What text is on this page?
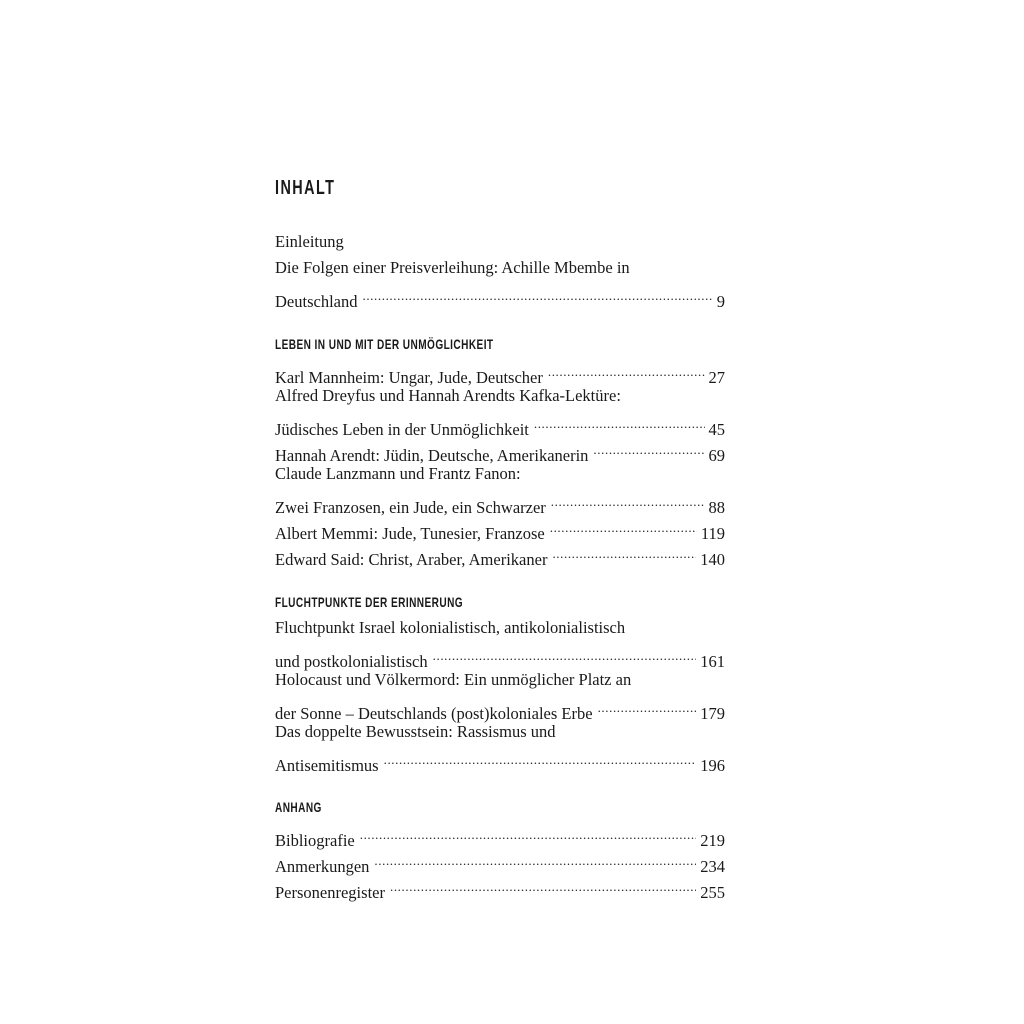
INHALT
Einleitung
Die Folgen einer Preisverleihung: Achille Mbembe in
Deutschland .....	9
LEBEN IN UND MIT DER UNMÖGLICHKEIT
Karl Mannheim: Ungar, Jude, Deutscher .....	27
Alfred Dreyfus und Hannah Arendts Kafka-Lektüre:
Jüdisches Leben in der Unmöglichkeit .....	45
Hannah Arendt: Jüdin, Deutsche, Amerikanerin .....	69
Claude Lanzmann und Frantz Fanon:
Zwei Franzosen, ein Jude, ein Schwarzer .....	88
Albert Memmi: Jude, Tunesier, Franzose .....	119
Edward Said: Christ, Araber, Amerikaner .....	140
FLUCHTPUNKTE DER ERINNERUNG
Fluchtpunkt Israel kolonialistisch, antikolonialistisch
und postkolonialistisch .....	161
Holocaust und Völkermord: Ein unmöglicher Platz an
der Sonne – Deutschlands (post)koloniales Erbe .....	179
Das doppelte Bewusstsein: Rassismus und
Antisemitismus .....	196
ANHANG
Bibliografie .....	219
Anmerkungen .....	234
Personenregister .....	255
